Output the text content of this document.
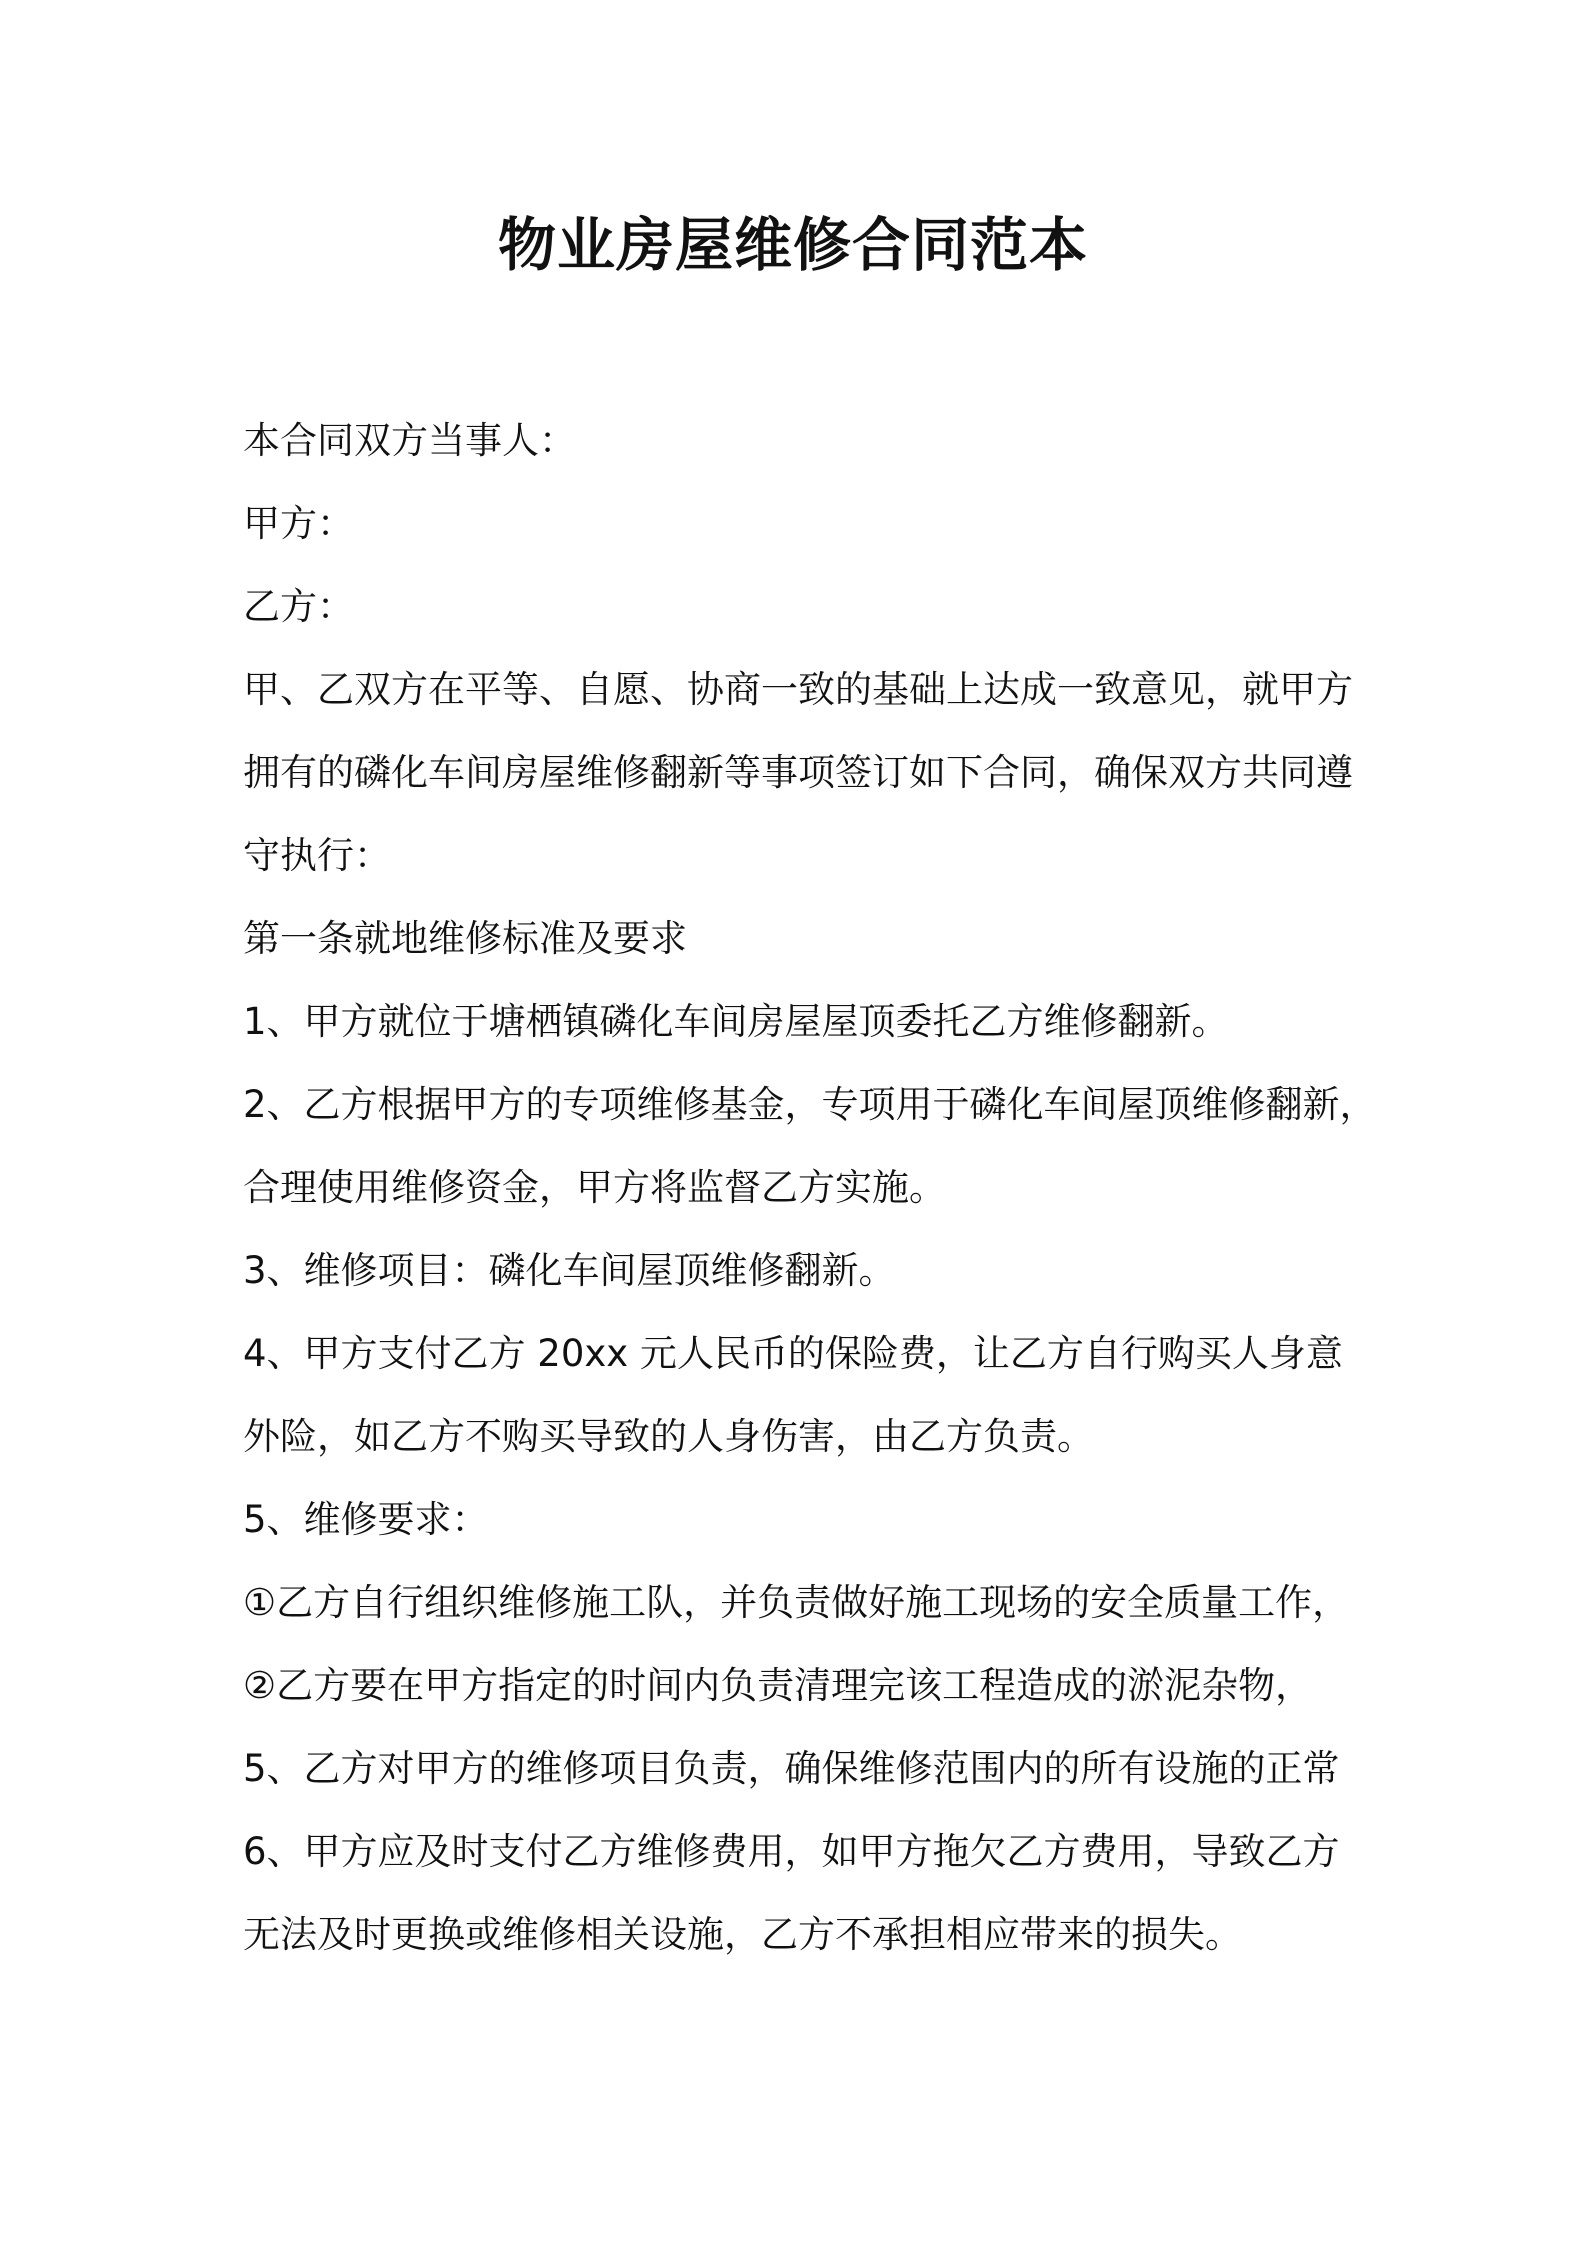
物业房屋维修合同范本
本合同双方当事人：
甲方：
乙方：
甲、乙双方在平等、自愿、协商一致的基础上达成一致意见，就甲方
拥有的磷化车间房屋维修翻新等事项签订如下合同，确保双方共同遵
守执行：
第一条就地维修标准及要求
1、甲方就位于塘栖镇磷化车间房屋屋顶委托乙方维修翻新。
2、乙方根据甲方的专项维修基金，专项用于磷化车间屋顶维修翻新，
合理使用维修资金，甲方将监督乙方实施。
3、维修项目：磷化车间屋顶维修翻新。
4、甲方支付乙方 20xx 元人民币的保险费，让乙方自行购买人身意
外险，如乙方不购买导致的人身伤害，由乙方负责。
5、维修要求：
①乙方自行组织维修施工队，并负责做好施工现场的安全质量工作，
②乙方要在甲方指定的时间内负责清理完该工程造成的淤泥杂物，
5、乙方对甲方的维修项目负责，确保维修范围内的所有设施的正常
6、甲方应及时支付乙方维修费用，如甲方拖欠乙方费用，导致乙方
无法及时更换或维修相关设施，乙方不承担相应带来的损失。
